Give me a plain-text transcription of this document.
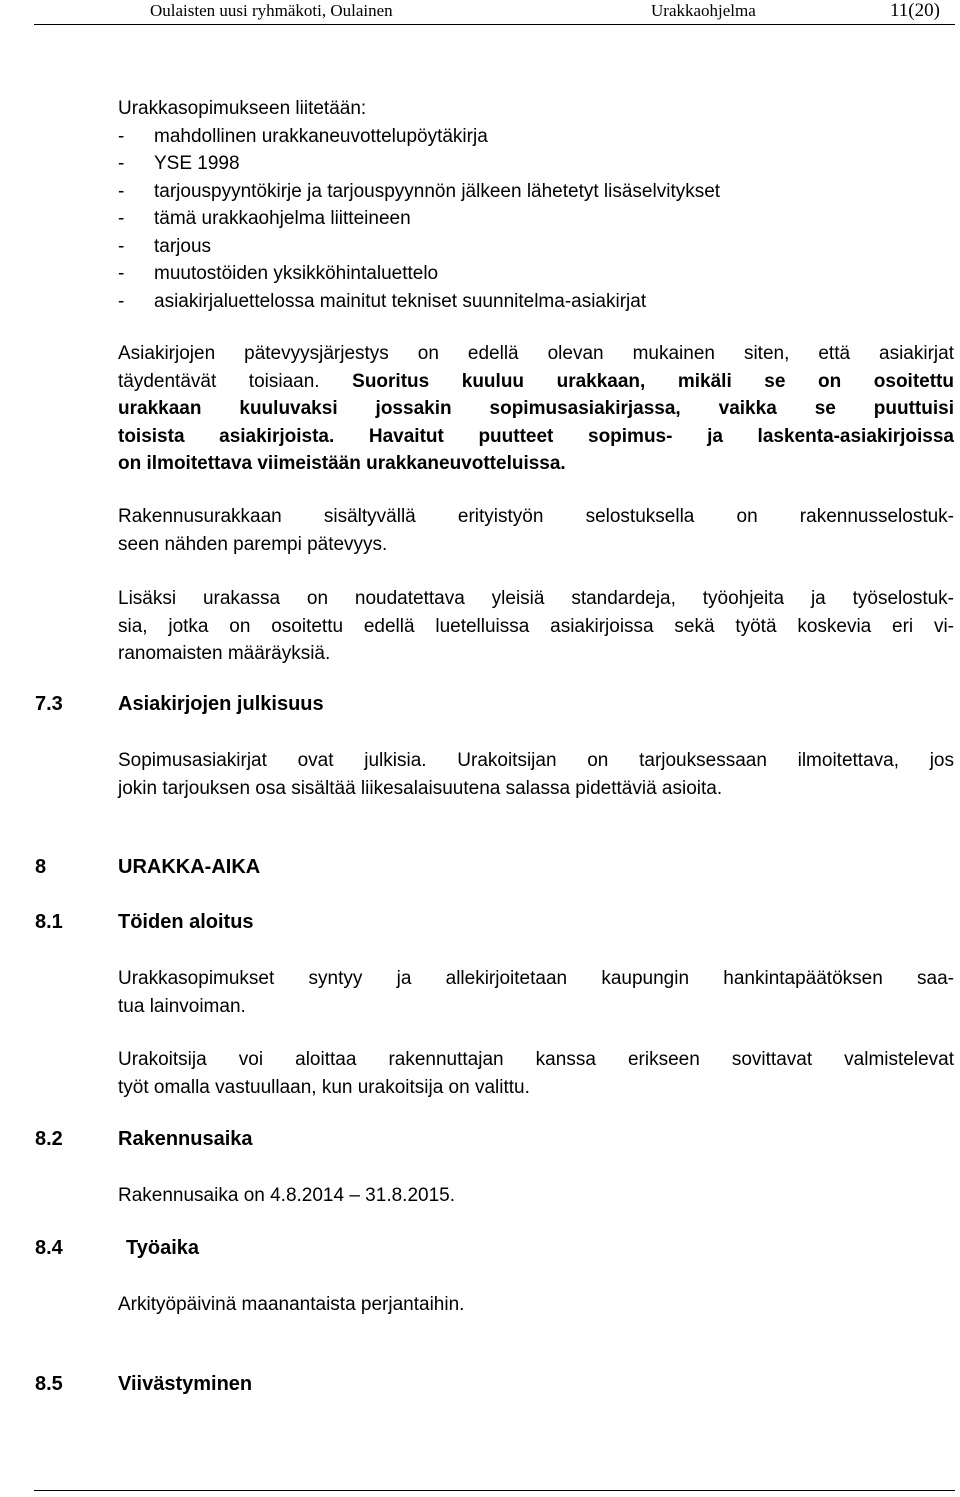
Oulaisten uusi ryhmäkoti, Oulainen	Urakkaohjelma	11(20)
Urakkasopimukseen liitetään:
- mahdollinen urakkaneuvottelupöytäkirja
- YSE 1998
- tarjouspyyntökirje ja tarjouspyynnön jälkeen lähetetyt lisäselvitykset
- tämä urakkaohjelma liitteineen
- tarjous
- muutostöiden yksikköhintaluettelo
- asiakirjaluettelossa mainitut tekniset suunnitelma-asiakirjat
Asiakirjojen pätevyysjärjestys on edellä olevan mukainen siten, että asiakirjat
täydentävät toisiaan. Suoritus kuuluu urakkaan, mikäli se on osoitettu
urakkaan kuuluvaksi jossakin sopimusasiakirjassa, vaikka se puuttuisi
toisista asiakirjoista. Havaitut puutteet sopimus- ja laskenta-asiakirjoissa
on ilmoitettava viimeistään urakkaneuvotteluissa.
Rakennusurakkaan sisältyvällä erityistyön selostuksella on rakennusselostuk-
seen nähden parempi pätevyys.
Lisäksi urakassa on noudatettava yleisiä standardeja, työohjeita ja työselostuk-
sia, jotka on osoitettu edellä luetelluissa asiakirjoissa sekä työtä koskevia eri vi-
ranomaisten määräyksiä.
7.3	Asiakirjojen julkisuus
Sopimusasiakirjat ovat julkisia. Urakoitsijan on tarjouksessaan ilmoitettava, jos
jokin tarjouksen osa sisältää liikesalaisuutena salassa pidettäviä asioita.
8	URAKKA-AIKA
8.1	Töiden aloitus
Urakkasopimukset syntyy ja allekirjoitetaan kaupungin hankintapäätöksen saa-
tua lainvoiman.
Urakoitsija voi aloittaa rakennuttajan kanssa erikseen sovittavat valmistelevat
työt omalla vastuullaan, kun urakoitsija on valittu.
8.2	Rakennusaika
Rakennusaika on 4.8.2014 – 31.8.2015.
8.4	Työaika
Arkityöpäivinä maanantaista perjantaihin.
8.5	Viivästyminen
